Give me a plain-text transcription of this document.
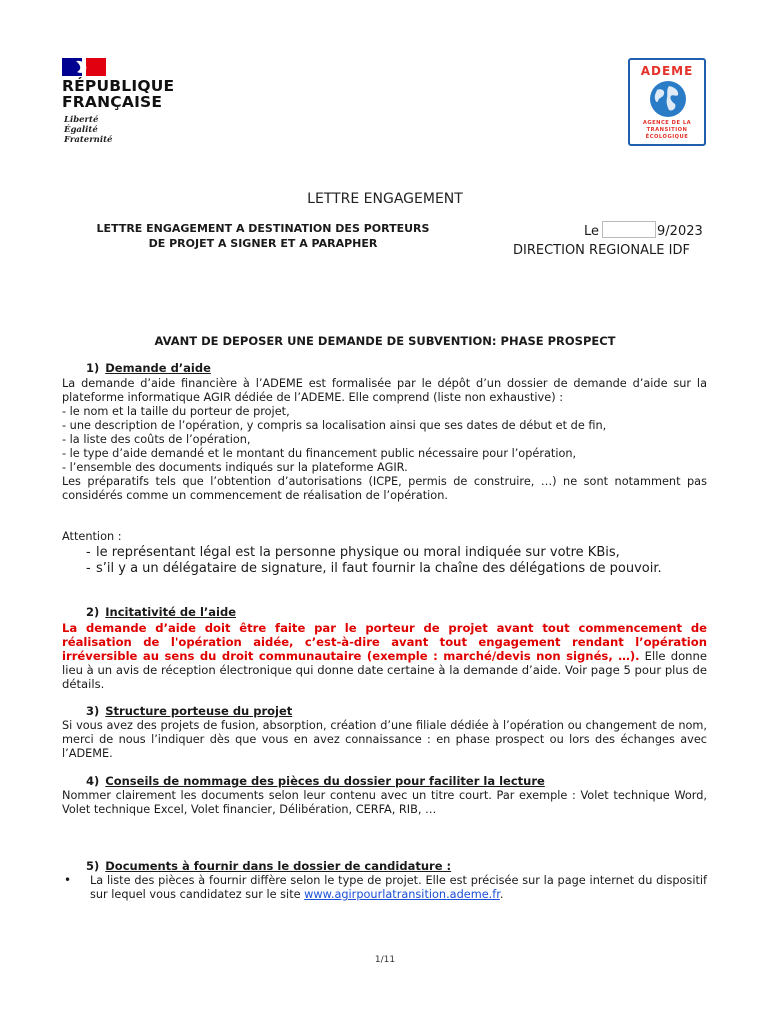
RÉPUBLIQUE
FRANÇAISE
Liberté
Égalité
Fraternité
ADEME
AGENCE DE LA
TRANSITION
ÉCOLOGIQUE
LETTRE ENGAGEMENT
LETTRE ENGAGEMENT A DESTINATION DES PORTEURS
DE PROJET A SIGNER ET A PARAPHER
Le	9/2023
DIRECTION REGIONALE IDF
AVANT DE DEPOSER UNE DEMANDE DE SUBVENTION: PHASE PROSPECT
1) Demande d’aide
La demande d’aide financière à l’ADEME est formalisée par le dépôt d’un dossier de demande d’aide sur la plateforme informatique AGIR dédiée de l’ADEME. Elle comprend (liste non exhaustive) :
- le nom et la taille du porteur de projet,
- une description de l’opération, y compris sa localisation ainsi que ses dates de début et de fin,
- la liste des coûts de l’opération,
- le type d’aide demandé et le montant du financement public nécessaire pour l’opération,
- l’ensemble des documents indiqués sur la plateforme AGIR.
Les préparatifs tels que l’obtention d’autorisations (ICPE, permis de construire, …) ne sont notamment pas considérés comme un commencement de réalisation de l’opération.
Attention :
- le représentant légal est la personne physique ou moral indiquée sur votre KBis,
- s’il y a un délégataire de signature, il faut fournir la chaîne des délégations de pouvoir.
2) Incitativité de l’aide
La demande d’aide doit être faite par le porteur de projet avant tout commencement de réalisation de l'opération aidée, c’est-à-dire avant tout engagement rendant l’opération irréversible au sens du droit communautaire (exemple : marché/devis non signés, …). Elle donne lieu à un avis de réception électronique qui donne date certaine à la demande d’aide. Voir page 5 pour plus de détails.
3) Structure porteuse du projet
Si vous avez des projets de fusion, absorption, création d’une filiale dédiée à l’opération ou changement de nom, merci de nous l’indiquer dès que vous en avez connaissance : en phase prospect ou lors des échanges avec l’ADEME.
4) Conseils de nommage des pièces du dossier pour faciliter la lecture
Nommer clairement les documents selon leur contenu avec un titre court. Par exemple : Volet technique Word, Volet technique Excel, Volet financier, Délibération, CERFA, RIB, …
5) Documents à fournir dans le dossier de candidature :
• La liste des pièces à fournir diffère selon le type de projet. Elle est précisée sur la page internet du dispositif sur lequel vous candidatez sur le site www.agirpourlatransition.ademe.fr.
1/11
